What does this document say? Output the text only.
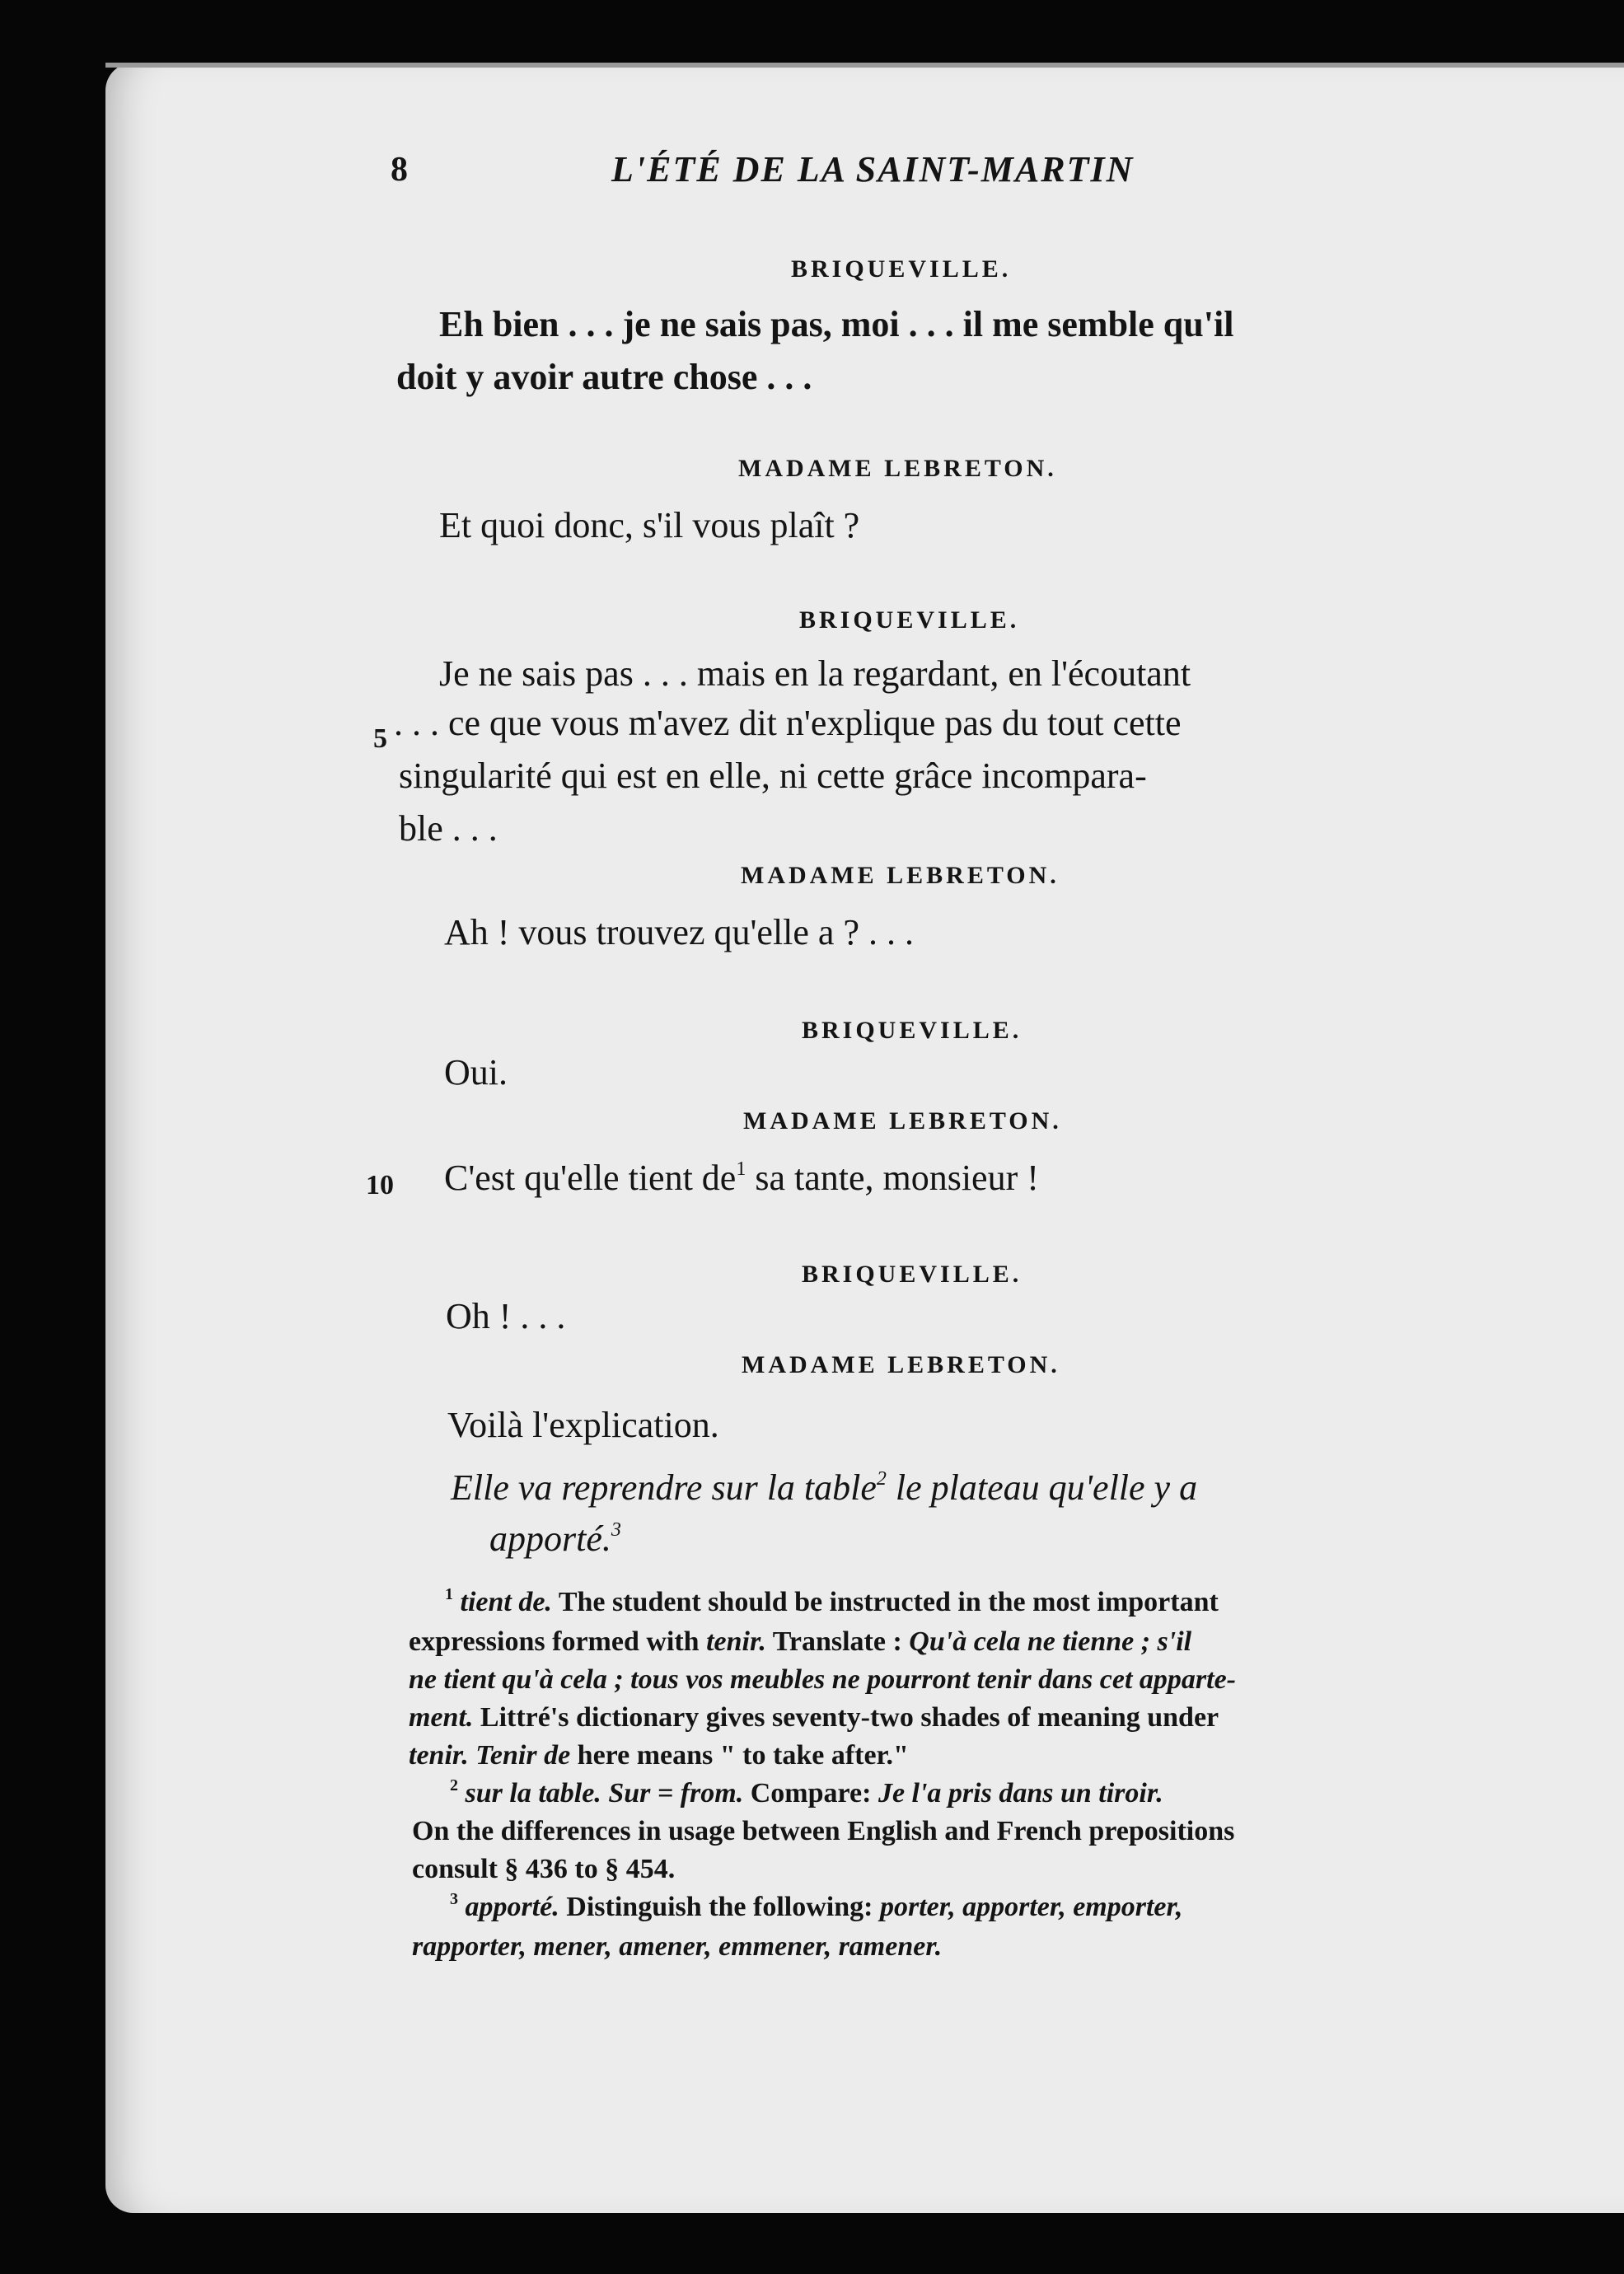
8	L'ÉTÉ DE LA SAINT-MARTIN
BRIQUEVILLE.
Eh bien . . . je ne sais pas, moi . . . il me semble qu'il
doit y avoir autre chose . . .
MADAME LEBRETON.
Et quoi donc, s'il vous plaît ?
BRIQUEVILLE.
Je ne sais pas . . . mais en la regardant, en l'écoutant
5 . . . ce que vous m'avez dit n'explique pas du tout cette
singularité qui est en elle, ni cette grâce incompara-
ble . . .
MADAME LEBRETON.
Ah ! vous trouvez qu'elle a ? . . .
BRIQUEVILLE.
Oui.
MADAME LEBRETON.
10 C'est qu'elle tient $de^1$ sa tante, monsieur !
BRIQUEVILLE.
Oh ! . . .
MADAME LEBRETON.
Voilà l'explication.
Elle va reprendre sur la table$^2$ le plateau qu'elle y a
apporté.$^3$
$^1$ tient de. The student should be instructed in the most important
expressions formed with tenir. Translate : Qu'à cela ne tienne ; s'il
ne tient qu'à cela ; tous vos meubles ne pourront tenir dans cet apparte-
ment. Littré's dictionary gives seventy-two shades of meaning under
tenir. Tenir de here means " to take after."
$^2$ sur la table. Sur = from. Compare: Je l'a pris dans un tiroir.
On the differences in usage between English and French prepositions
consult § 436 to § 454.
$^3$ apporté. Distinguish the following: porter, apporter, emporter,
rapporter, mener, amener, emmener, ramener.
